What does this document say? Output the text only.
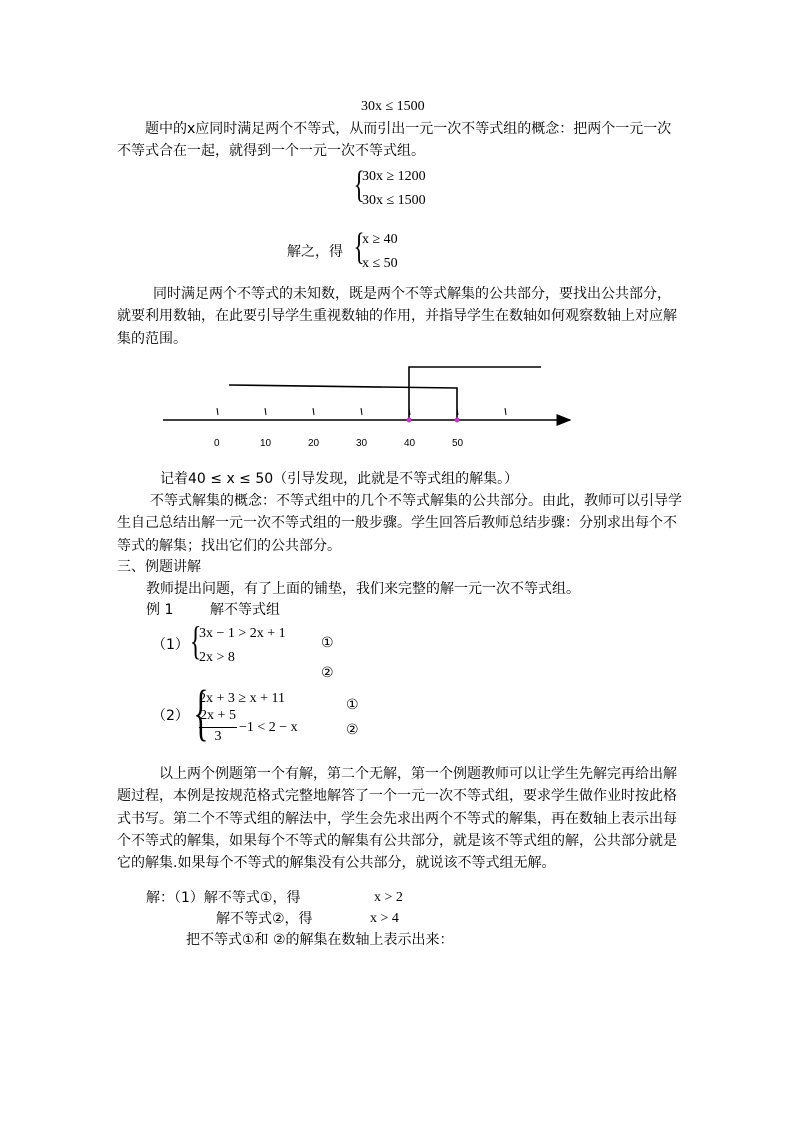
30x ≤ 1500
题中的x应同时满足两个不等式，从而引出一元一次不等式组的概念：把两个一元一次不等式合在一起，就得到一个一元一次不等式组。
{
30x ≥ 1200
30x ≤ 1500
解之，得 {
x ≥ 40
x ≤ 50
同时满足两个不等式的未知数，既是两个不等式解集的公共部分，要找出公共部分，就要利用数轴，在此要引导学生重视数轴的作用，并指导学生在数轴如何观察数轴上对应解集的范围。
0	10	20	30	40	50
记着40 ≤ x ≤ 50（引导发现，此就是不等式组的解集。）
不等式解集的概念：不等式组中的几个不等式解集的公共部分。由此，教师可以引导学生自己总结出解一元一次不等式组的一般步骤。学生回答后教师总结步骤：分别求出每个不等式的解集；找出它们的公共部分。
三、例题讲解
教师提出问题，有了上面的铺垫，我们来完整的解一元一次不等式组。
例 1	解不等式组
（1） {
3x − 1 > 2x + 1
2x > 8
①
②
（2） {
2x + 3 ≥ x + 11
2x + 5
3
−1 < 2 − x
①
②
以上两个例题第一个有解，第二个无解，第一个例题教师可以让学生先解完再给出解题过程，本例是按规范格式完整地解答了一个一元一次不等式组，要求学生做作业时按此格式书写。第二个不等式组的解法中，学生会先求出两个不等式的解集，再在数轴上表示出每个不等式的解集，如果每个不等式的解集有公共部分，就是该不等式组的解，公共部分就是它的解集.如果每个不等式的解集没有公共部分，就说该不等式组无解。
解：（1）解不等式①，得	x > 2
解不等式②，得	x > 4
把不等式①和 ②的解集在数轴上表示出来：
